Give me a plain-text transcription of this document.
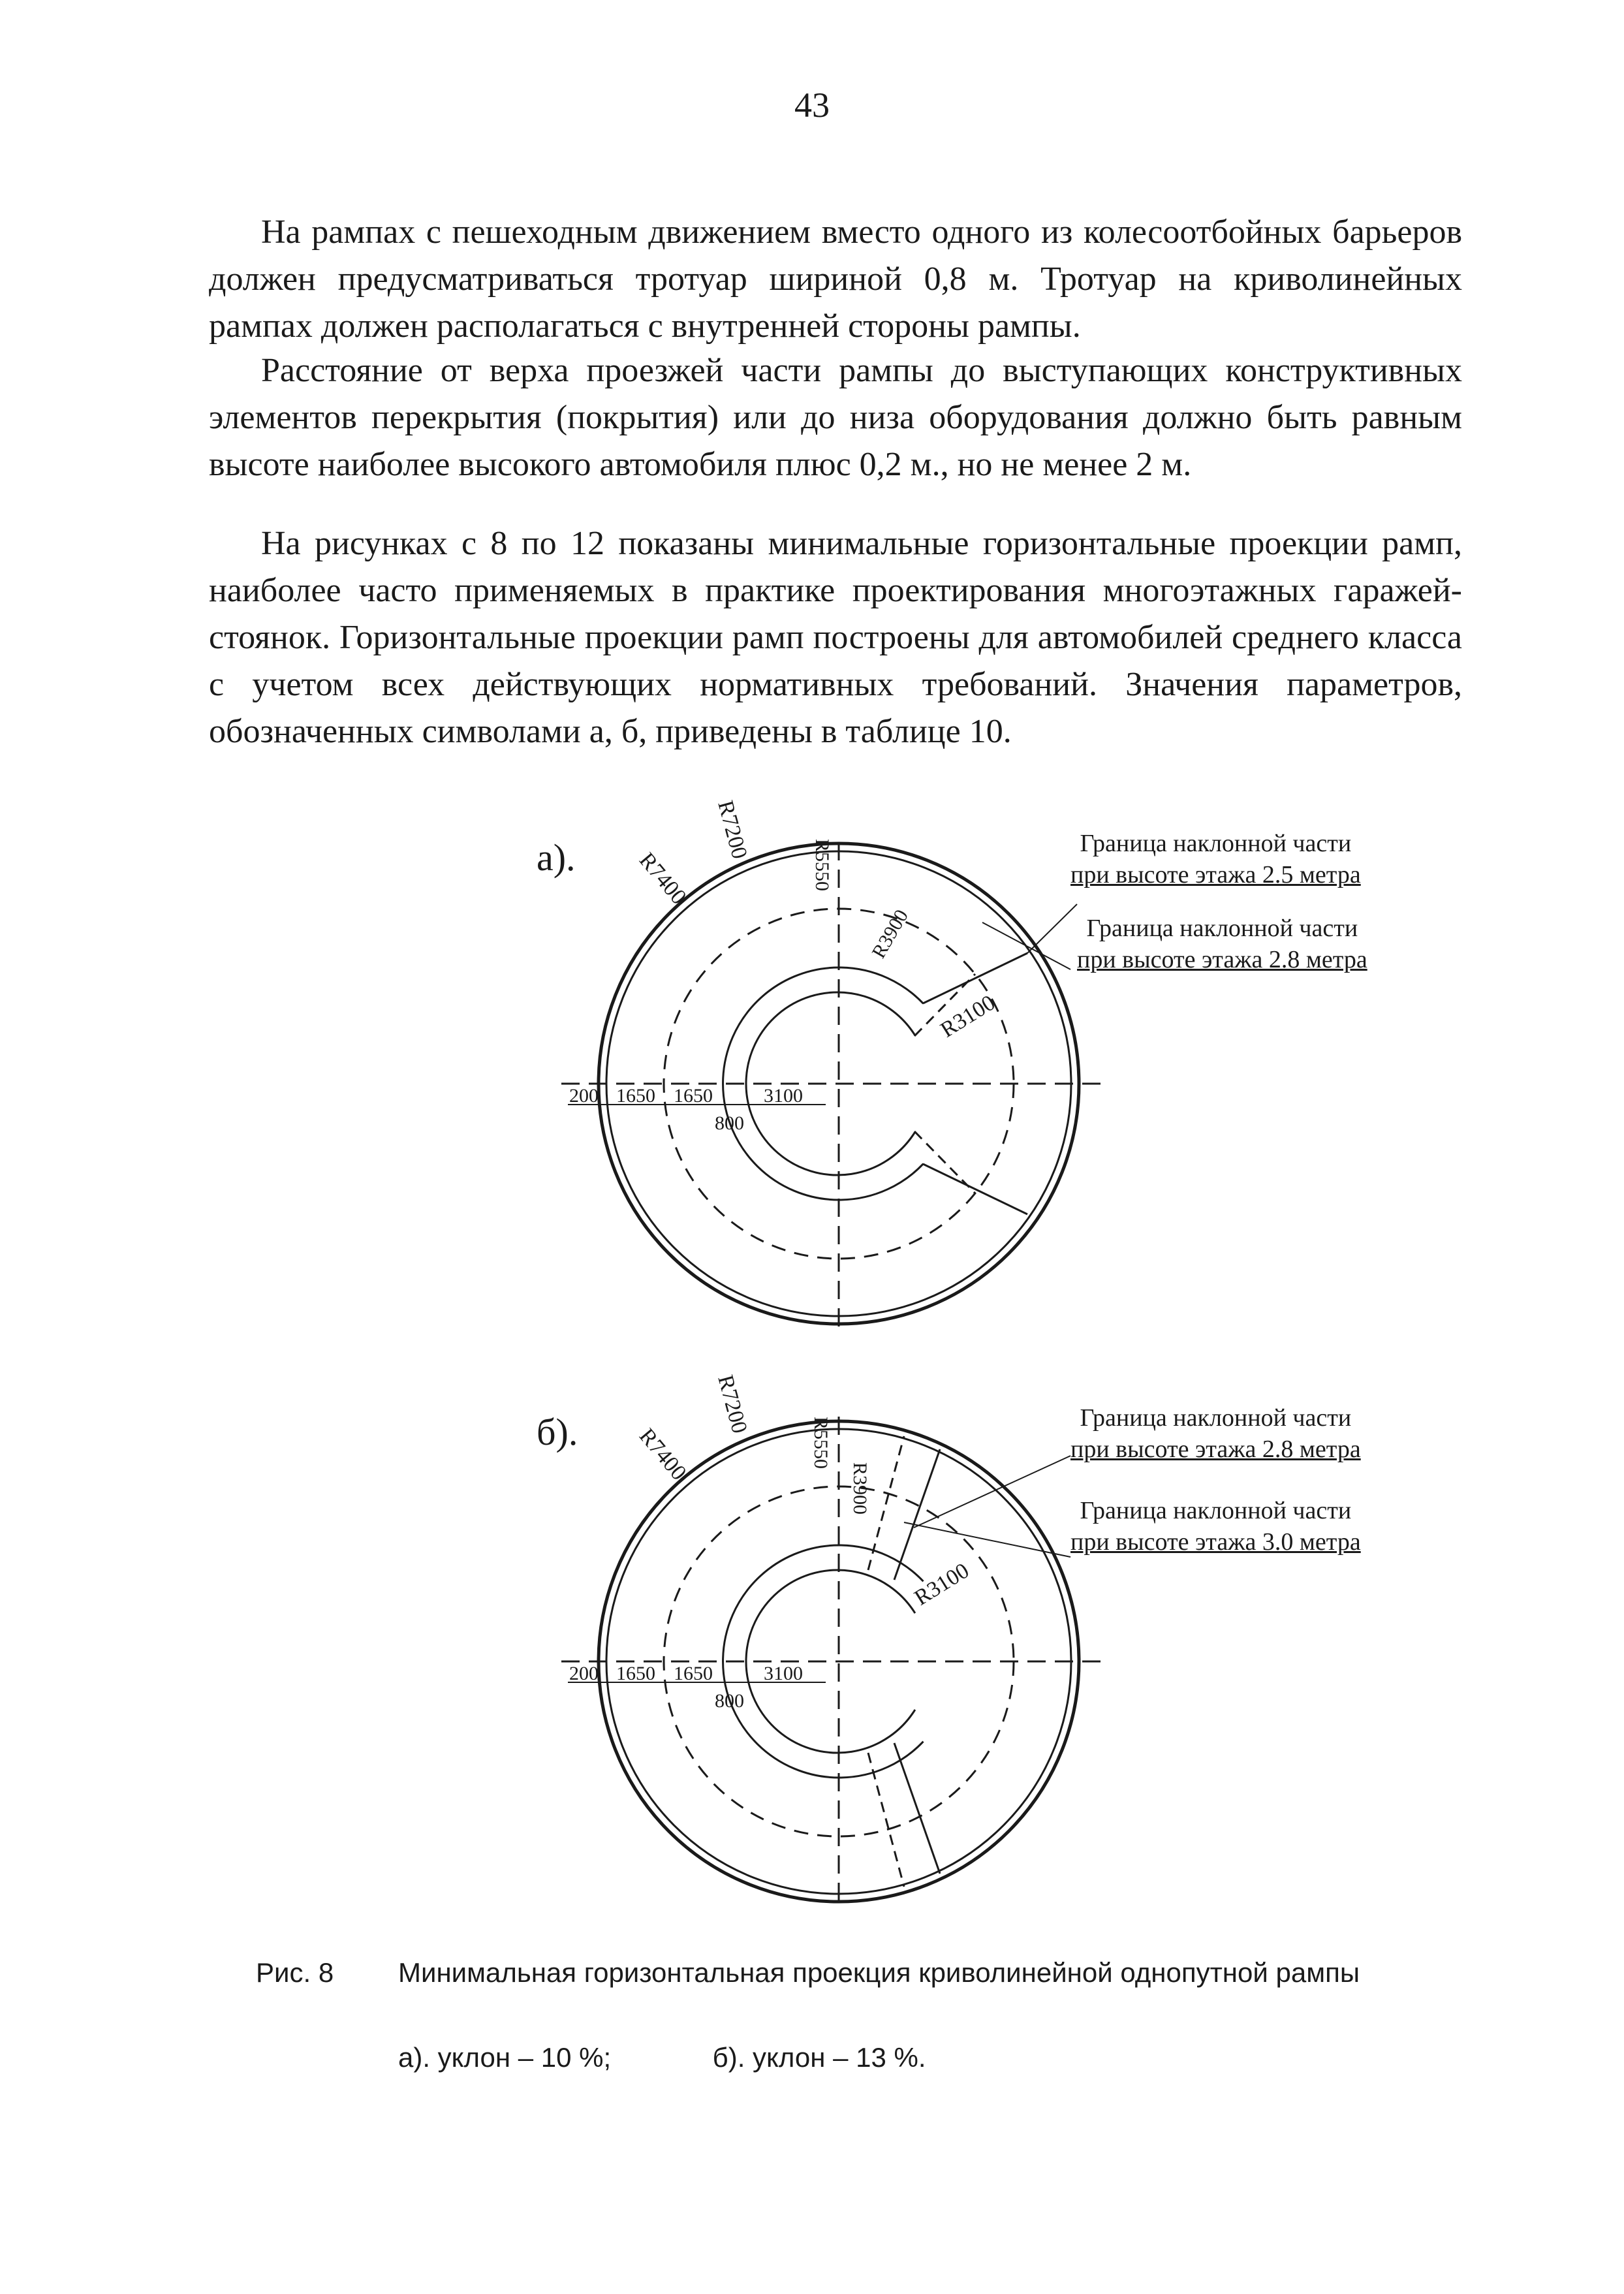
43

На рампах с пешеходным движением вместо одного из колесоотбойных барьеров должен предусматриваться тротуар шириной 0,8 м. Тротуар на криволинейных рампах должен располагаться с внутренней стороны рампы.

Расстояние от верха проезжей части рампы до выступающих конструктивных элементов перекрытия (покрытия) или до низа оборудования должно быть равным высоте наиболее высокого автомобиля плюс 0,2 м., но не менее 2 м.

На рисунках с 8 по 12 показаны минимальные горизонтальные проекции рамп, наиболее часто применяемых в практике проектирования многоэтажных гаражей-стоянок. Горизонтальные проекции рамп построены для автомобилей среднего класса с учетом всех действующих нормативных требований. Значения параметров, обозначенных символами а, б, приведены в таблице 10.

а).
б).
R7400
R7200
R5550
R3900
R3100
200 1650 1650	3100
800
R7400
R7200
R5550
R3900
R3100
200 1650 1650	3100
800
Граница наклонной части
при высоте этажа 2.5 метра
Граница наклонной части
при высоте этажа 2.8 метра
Граница наклонной части
при высоте этажа 2.8 метра
Граница наклонной части
при высоте этажа 3.0 метра
Рис. 8 Минимальная горизонтальная проекция криволинейной однопутной рампы
а). уклон – 10 %;	б). уклон – 13 %.
